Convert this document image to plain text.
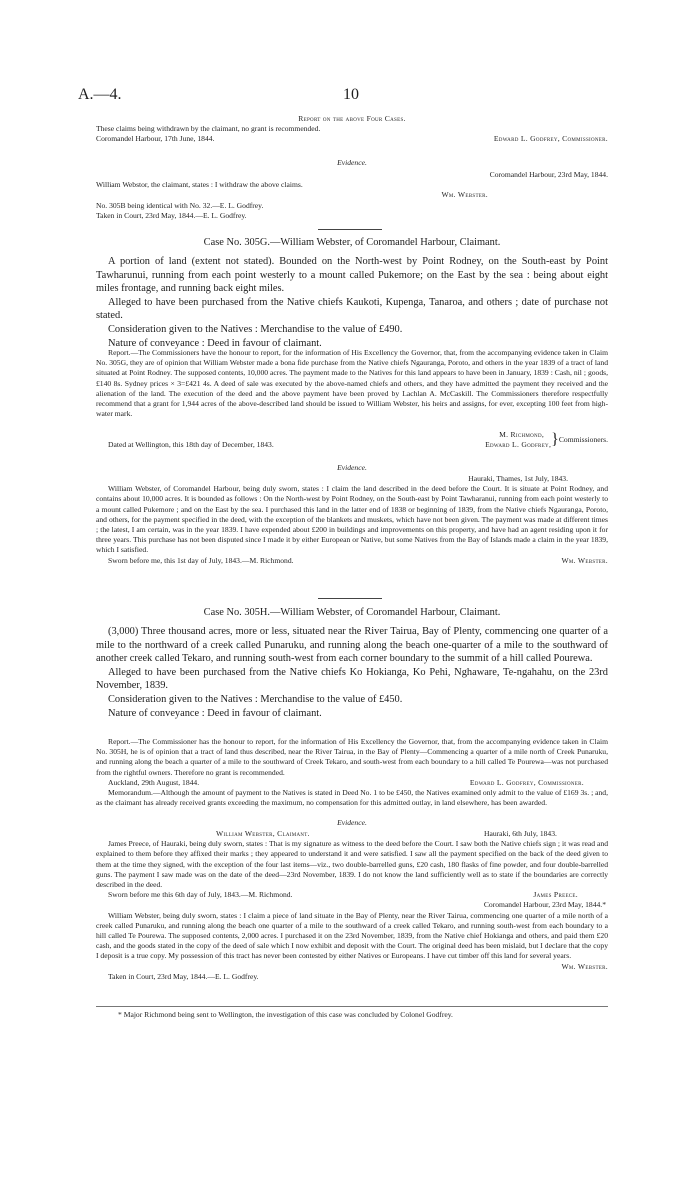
A.—4.	10
Report on the above Four Cases.

These claims being withdrawn by the claimant, no grant is recommended.

Coromandel Harbour, 17th June, 1844.	Edward L. Godfrey, Commissioner.
Evidence.

Coromandel Harbour, 23rd May, 1844.

William Webstor, the claimant, states : I withdraw the above claims.

Wm. Webster.

No. 305B being identical with No. 32.—E. L. Godfrey.

Taken in Court, 23rd May, 1844.—E. L. Godfrey.

Case No. 305G.—William Webster, of Coromandel Harbour, Claimant.

A portion of land (extent not stated). Bounded on the North-west by Point Rodney, on the South-east by Point Tawharunui, running from each point westerly to a mount called Pukemore; on the East by the sea : being about eight miles frontage, and running back eight miles.

Alleged to have been purchased from the Native chiefs Kaukoti, Kupenga, Tanaroa, and others ; date of purchase not stated.

Consideration given to the Natives : Merchandise to the value of £490.

Nature of conveyance : Deed in favour of claimant.

Report.—The Commissioners have the honour to report, for the information of His Excellency the Governor, that, from the accompanying evidence taken in Claim No. 305G, they are of opinion that William Webster made a bona fide purchase from the Native chiefs Ngauranga, Poroto, and others in the year 1839 of a tract of land situated at Point Rodney. The supposed contents, 10,000 acres. The payment made to the Natives for this land appears to have been in January, 1839 : Cash, nil ; goods, £140 8s. Sydney prices × 3=£421 4s. A deed of sale was executed by the above-named chiefs and others, and they have admitted the payment they received and the alienation of the land. The execution of the deed and the above payment have been proved by Lachlan A. McCaskill. The Commissioners therefore respectfully recommend that a grant for 1,944 acres of the above-described land should be issued to William Webster, his heirs and assigns, for ever, excepting 100 feet from high-water mark.

Dated at Wellington, this 18th day of December, 1843.
M. Richmond,
Edward L. Godfrey, } Commissioners.
Evidence.

Hauraki, Thames, 1st July, 1843.

William Webster, of Coromandel Harbour, being duly sworn, states : I claim the land described in the deed before the Court. It is situate at Point Rodney, and contains about 10,000 acres. It is bounded as follows : On the North-west by Point Rodney, on the South-east by Point Tawharanui, running from each point westerly to a mount called Pukemore ; and on the East by the sea. I purchased this land in the latter end of 1838 or beginning of 1839, from the Native chiefs Ngauranga, Poroto, and others, for the payment specified in the deed, with the exception of the blankets and muskets, which have not been given. The payment was made at different times ; the latest, I am certain, was in the year 1839. I have expended about £200 in buildings and improvements on this property, and have had an agent residing upon it for three years. This purchase has not been disputed since I made it by either European or Native, but some Natives from the Bay of Islands made a claim in the year 1839, which I satisfied.

Sworn before me, this 1st day of July, 1843.—M. Richmond.	Wm. Webster.
Case No. 305H.—William Webster, of Coromandel Harbour, Claimant.

(3,000) Three thousand acres, more or less, situated near the River Tairua, Bay of Plenty, commencing one quarter of a mile to the northward of a creek called Punaruku, and running along the beach one-quarter of a mile to the southward of another creek called Tekaro, and running south-west from each corner boundary to the summit of a hill called Pourewa.

Alleged to have been purchased from the Native chiefs Ko Hokianga, Ko Pehi, Nghaware, Te-ngahahu, on the 23rd November, 1839.

Consideration given to the Natives : Merchandise to the value of £450.

Nature of conveyance : Deed in favour of claimant.

Report.—The Commissioner has the honour to report, for the information of His Excellency the Governor, that, from the accompanying evidence taken in Claim No. 305H, he is of opinion that a tract of land thus described, near the River Tairua, in the Bay of Plenty—Commencing a quarter of a mile north of Creek Punaruku, and running along the beach a quarter of a mile to the southward of Creek Tekaro, and south-west from each boundary to a hill called Te Pourewa—was not purchased from the rightful owners. Therefore no grant is recommended.

Auckland, 29th August, 1844.	Edward L. Godfrey, Commissioner.

Memorandum.—Although the amount of payment to the Natives is stated in Deed No. 1 to be £450, the Natives examined only admit to the value of £169 3s. ; and, as the claimant has already received grants exceeding the maximum, no compensation for this admitted outlay, in land elsewhere, has been awarded.

Evidence.
William Webster, Claimant.	Hauraki, 6th July, 1843.

James Preece, of Hauraki, being duly sworn, states : That is my signature as witness to the deed before the Court. I saw both the Native chiefs sign ; it was read and explained to them before they affixed their marks ; they appeared to understand it and were satisfied. I saw all the payment specified on the back of the deed given to them at the time they signed, with the exception of the four last items—viz., two double-barrelled guns, £20 cash, 180 flasks of fine powder, and four double-barrelled guns. The payment I saw made was on the date of the deed—23rd November, 1839. I do not know the land sufficiently well as to state if the boundaries are correctly described in the deed.

Sworn before me this 6th day of July, 1843.—M. Richmond.	James Preece.

Coromandel Harbour, 23rd May, 1844.*

William Webster, being duly sworn, states : I claim a piece of land situate in the Bay of Plenty, near the River Tairua, commencing one quarter of a mile north of a creek called Punaruku, and running along the beach one quarter of a mile to the southward of a creek called Tekaro, and running south-west from each boundary to a hill called Te Pourewa. The supposed contents, 2,000 acres. I purchased it on the 23rd November, 1839, from the Native chief Hokianga and others, and paid them £20 cash, and the goods stated in the copy of the deed of sale which I now exhibit and deposit with the Court. The original deed has been mislaid, but I declare that the copy I deposit is a true copy. My possession of this tract has never been contested by either Natives or Europeans. I have cut timber off this land for several years.

Wm. Webster.

Taken in Court, 23rd May, 1844.—E. L. Godfrey.

* Major Richmond being sent to Wellington, the investigation of this case was concluded by Colonel Godfrey.
